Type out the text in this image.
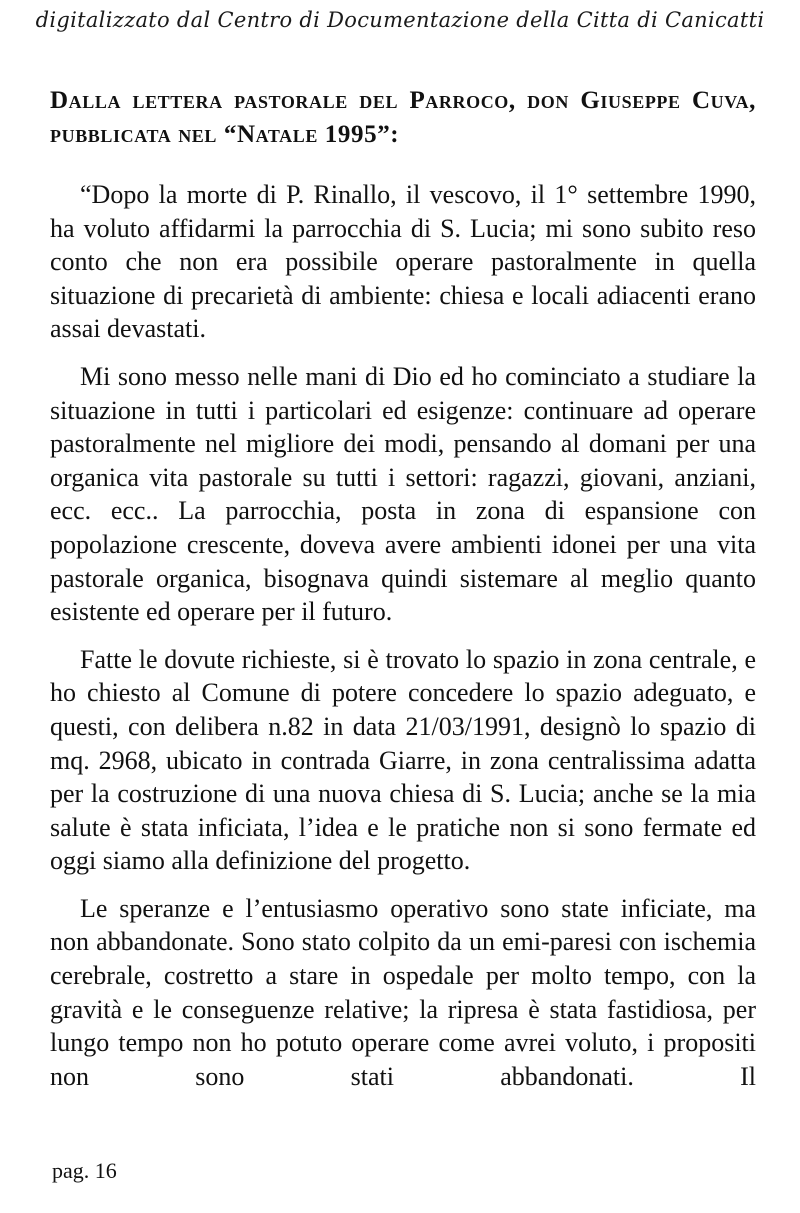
digitalizzato dal Centro di Documentazione della Citta di Canicatti
Dalla lettera pastorale del Parroco, don Giuseppe Cuva, pubblicata nel “Natale 1995”:

“Dopo la morte di P. Rinallo, il vescovo, il 1° settembre 1990, ha voluto affidarmi la parrocchia di S. Lucia; mi sono subito reso conto che non era possibile operare pastoralmente in quella situazione di precarietà di ambiente: chiesa e locali adiacenti erano assai devastati.

Mi sono messo nelle mani di Dio ed ho cominciato a studiare la situazione in tutti i particolari ed esigenze: continuare ad operare pastoralmente nel migliore dei modi, pensando al domani per una organica vita pastorale su tutti i settori: ragazzi, giovani, anziani, ecc. ecc.. La parrocchia, posta in zona di espansione con popolazione crescente, doveva avere ambienti idonei per una vita pastorale organica, bisognava quindi sistemare al meglio quanto esistente ed operare per il futuro.

Fatte le dovute richieste, si è trovato lo spazio in zona centrale, e ho chiesto al Comune di potere concedere lo spazio adeguato, e questi, con delibera n.82 in data 21/03/1991, designò lo spazio di mq. 2968, ubicato in contrada Giarre, in zona centralissima adatta per la costruzione di una nuova chiesa di S. Lucia; anche se la mia salute è stata inficiata, l’idea e le pratiche non si sono fermate ed oggi siamo alla definizione del progetto.

Le speranze e l’entusiasmo operativo sono state inficiate, ma non abbandonate. Sono stato colpito da un emi-paresi con ischemia cerebrale, costretto a stare in ospedale per molto tempo, con la gravità e le conseguenze relative; la ripresa è stata fastidiosa, per lungo tempo non ho potuto operare come avrei voluto, i propositi non sono stati abbandonati. Il

pag. 16
